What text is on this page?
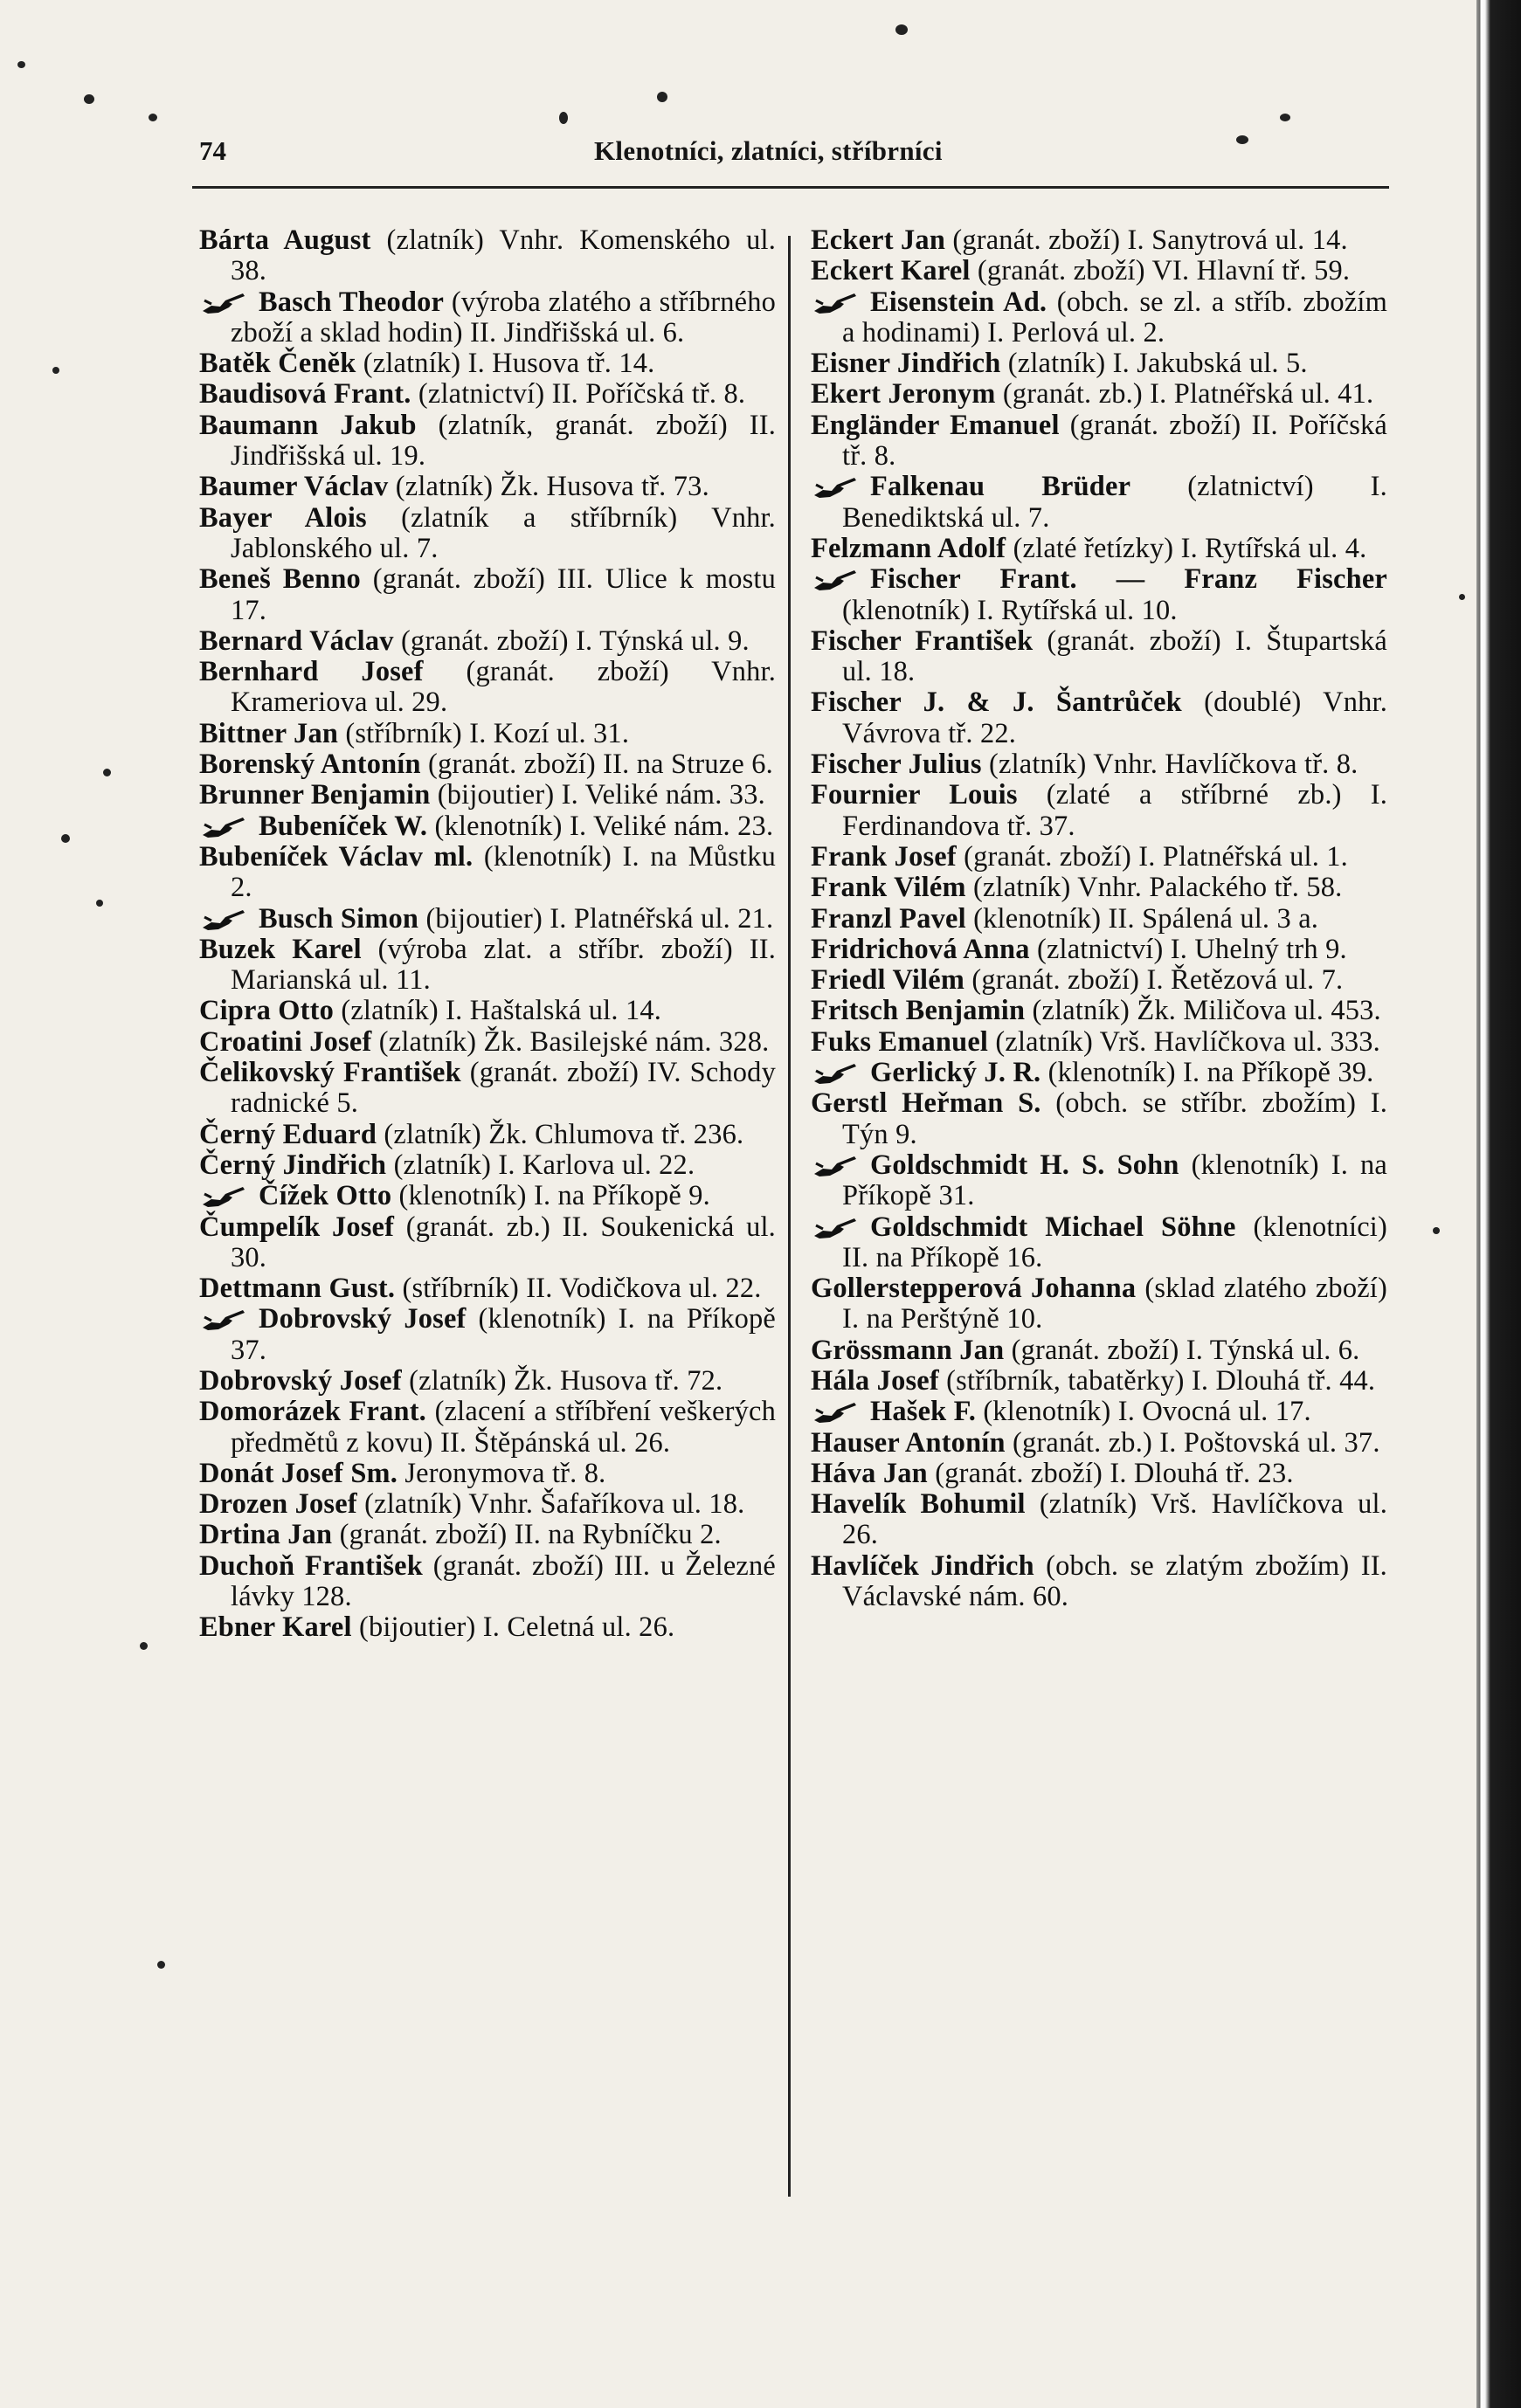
74	Klenotníci, zlatníci, stříbrníci
Bárta August (zlatník) Vnhr. Komenského ul. 38.
Basch Theodor (výroba zlatého a stříbrného zboží a sklad hodin) II. Jindřišská ul. 6.
Batěk Čeněk (zlatník) I. Husova tř. 14.
Baudisová Frant. (zlatnictví) II. Poříčská tř. 8.
Baumann Jakub (zlatník, granát. zboží) II. Jindřišská ul. 19.
Baumer Václav (zlatník) Žk. Husova tř. 73.
Bayer Alois (zlatník a stříbrník) Vnhr. Jablonského ul. 7.
Beneš Benno (granát. zboží) III. Ulice k mostu 17.
Bernard Václav (granát. zboží) I. Týnská ul. 9.
Bernhard Josef (granát. zboží) Vnhr. Krameriova ul. 29.
Bittner Jan (stříbrník) I. Kozí ul. 31.
Borenský Antonín (granát. zboží) II. na Struze 6.
Brunner Benjamin (bijoutier) I. Veliké nám. 33.
Bubeníček W. (klenotník) I. Veliké nám. 23.
Bubeníček Václav ml. (klenotník) I. na Můstku 2.
Busch Simon (bijoutier) I. Platnéřská ul. 21.
Buzek Karel (výroba zlat. a stříbr. zboží) II. Marianská ul. 11.
Cipra Otto (zlatník) I. Haštalská ul. 14.
Croatini Josef (zlatník) Žk. Basilejské nám. 328.
Čelikovský František (granát. zboží) IV. Schody radnické 5.
Černý Eduard (zlatník) Žk. Chlumova tř. 236.
Černý Jindřich (zlatník) I. Karlova ul. 22.
Čížek Otto (klenotník) I. na Příkopě 9.
Čumpelík Josef (granát. zb.) II. Soukenická ul. 30.
Dettmann Gust. (stříbrník) II. Vodičkova ul. 22.
Dobrovský Josef (klenotník) I. na Příkopě 37.
Dobrovský Josef (zlatník) Žk. Husova tř. 72.
Domorázek Frant. (zlacení a stříbření veškerých předmětů z kovu) II. Štěpánská ul. 26.
Donát Josef Sm. Jeronymova tř. 8.
Drozen Josef (zlatník) Vnhr. Šafaříkova ul. 18.
Drtina Jan (granát. zboží) II. na Rybníčku 2.
Duchoň František (granát. zboží) III. u Železné lávky 128.
Ebner Karel (bijoutier) I. Celetná ul. 26.
Eckert Jan (granát. zboží) I. Sanytrová ul. 14.
Eckert Karel (granát. zboží) VI. Hlavní tř. 59.
Eisenstein Ad. (obch. se zl. a stříb. zbožím a hodinami) I. Perlová ul. 2.
Eisner Jindřich (zlatník) I. Jakubská ul. 5.
Ekert Jeronym (granát. zb.) I. Platnéřská ul. 41.
Engländer Emanuel (granát. zboží) II. Poříčská tř. 8.
Falkenau Brüder (zlatnictví) I. Benediktská ul. 7.
Felzmann Adolf (zlaté řetízky) I. Rytířská ul. 4.
Fischer Frant. — Franz Fischer (klenotník) I. Rytířská ul. 10.
Fischer František (granát. zboží) I. Štupartská ul. 18.
Fischer J. & J. Šantrůček (doublé) Vnhr. Vávrova tř. 22.
Fischer Julius (zlatník) Vnhr. Havlíčkova tř. 8.
Fournier Louis (zlaté a stříbrné zb.) I. Ferdinandova tř. 37.
Frank Josef (granát. zboží) I. Platnéřská ul. 1.
Frank Vilém (zlatník) Vnhr. Palackého tř. 58.
Franzl Pavel (klenotník) II. Spálená ul. 3 a.
Fridrichová Anna (zlatnictví) I. Uhelný trh 9.
Friedl Vilém (granát. zboží) I. Řetězová ul. 7.
Fritsch Benjamin (zlatník) Žk. Miličova ul. 453.
Fuks Emanuel (zlatník) Vrš. Havlíčkova ul. 333.
Gerlický J. R. (klenotník) I. na Příkopě 39.
Gerstl Heřman S. (obch. se stříbr. zbožím) I. Týn 9.
Goldschmidt H. S. Sohn (klenotník) I. na Příkopě 31.
Goldschmidt Michael Söhne (klenotníci) II. na Příkopě 16.
Gollerstepperová Johanna (sklad zlatého zboží) I. na Perštýně 10.
Grössmann Jan (granát. zboží) I. Týnská ul. 6.
Hála Josef (stříbrník, tabatěrky) I. Dlouhá tř. 44.
Hašek F. (klenotník) I. Ovocná ul. 17.
Hauser Antonín (granát. zb.) I. Poštovská ul. 37.
Háva Jan (granát. zboží) I. Dlouhá tř. 23.
Havelík Bohumil (zlatník) Vrš. Havlíčkova ul. 26.
Havlíček Jindřich (obch. se zlatým zbožím) II. Václavské nám. 60.
